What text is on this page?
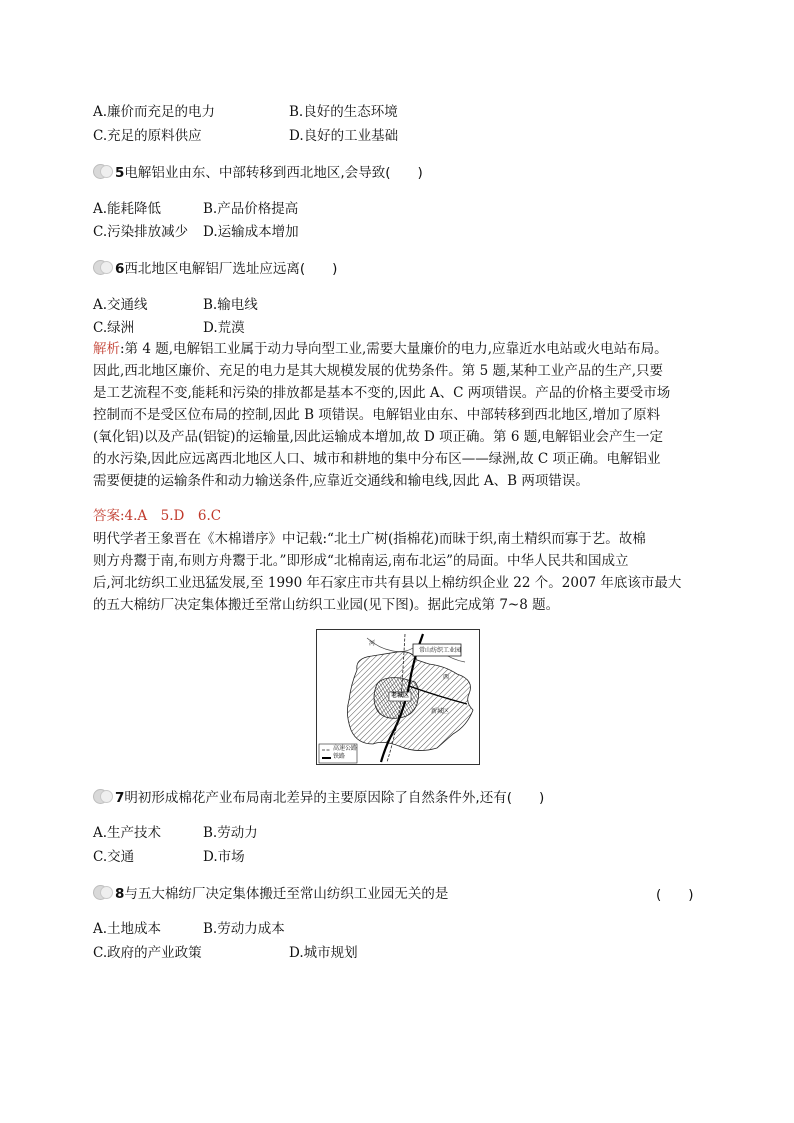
A.廉价而充足的电力	B.良好的生态环境
C.充足的原料供应	D.良好的工业基础
5电解铝业由东、中部转移到西北地区,会导致(　　)
A.能耗降低	B.产品价格提高
C.污染排放减少 D.运输成本增加
6西北地区电解铝厂选址应远离(　　)
A.交通线	B.输电线
C.绿洲	D.荒漠
解析:第 4 题,电解铝工业属于动力导向型工业,需要大量廉价的电力,应靠近水电站或火电站布局。
因此,西北地区廉价、充足的电力是其大规模发展的优势条件。第 5 题,某种工业产品的生产,只要
是工艺流程不变,能耗和污染的排放都是基本不变的,因此 A、C 两项错误。产品的价格主要受市场
控制而不是受区位布局的控制,因此 B 项错误。电解铝业由东、中部转移到西北地区,增加了原料
(氧化铝)以及产品(铝锭)的运输量,因此运输成本增加,故 D 项正确。第 6 题,电解铝业会产生一定
的水污染,因此应远离西北地区人口、城市和耕地的集中分布区——绿洲,故 C 项正确。电解铝业
需要便捷的运输条件和动力输送条件,应靠近交通线和输电线,因此 A、B 两项错误。
答案:4.A　5.D　6.C
明代学者王象晋在《木棉谱序》中记载:“北土广树(指棉花)而昧于织,南土精织而寡于艺。故棉
则方舟鬻于南,布则方舟鬻于北。”即形成“北棉南运,南布北运”的局面。中华人民共和国成立
后,河北纺织工业迅猛发展,至 1990 年石家庄市共有县以上棉纺织企业 22 个。2007 年底该市最大
的五大棉纺厂决定集体搬迁至常山纺织工业园(见下图)。据此完成第 7~8 题。
老城区
常山纺织工业园
河
西
新城区
高速公路
铁路
7明初形成棉花产业布局南北差异的主要原因除了自然条件外,还有(　　)
A.生产技术	B.劳动力
C.交通	D.市场
8与五大棉纺厂决定集体搬迁至常山纺织工业园无关的是	(　　)
A.土地成本	B.劳动力成本
C.政府的产业政策	D.城市规划
